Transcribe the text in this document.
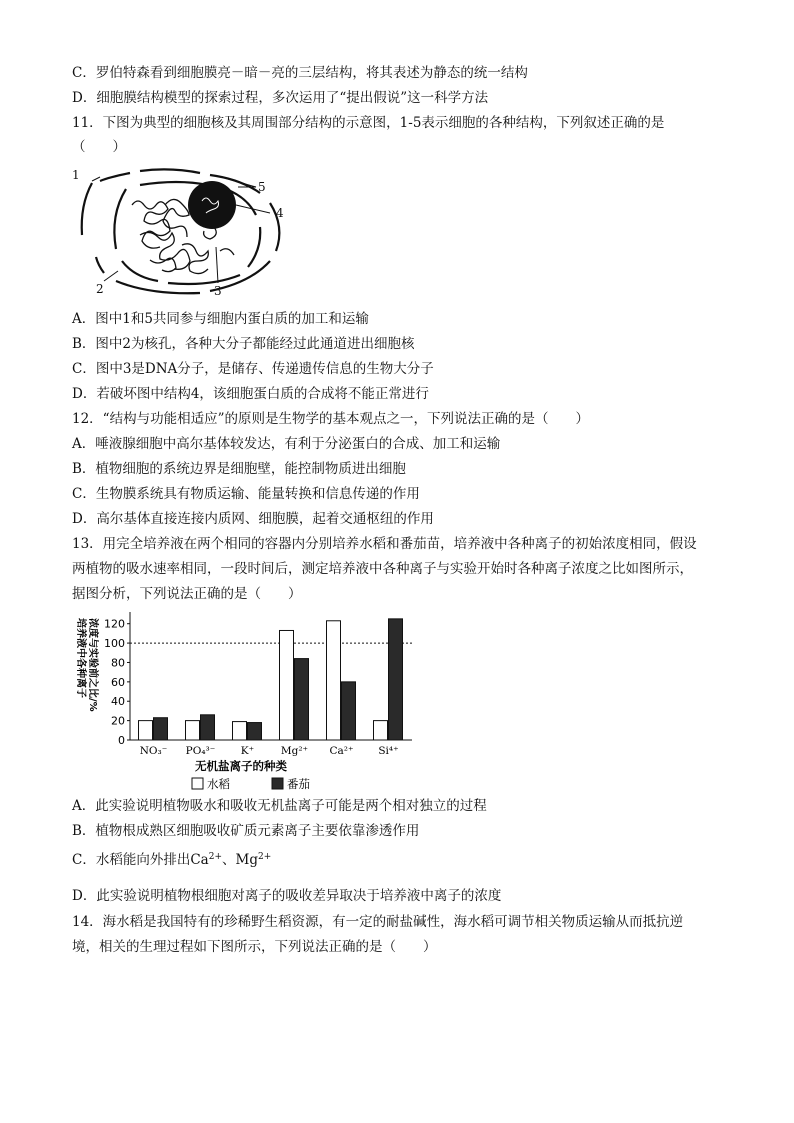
C．罗伯特森看到细胞膜亮－暗－亮的三层结构，将其表述为静态的统一结构
D．细胞膜结构模型的探索过程，多次运用了“提出假说”这一科学方法
11．下图为典型的细胞核及其周围部分结构的示意图，1-5表示细胞的各种结构，下列叙述正确的是
（　　）
1
2	3
4
5
A．图中1和5共同参与细胞内蛋白质的加工和运输
B．图中2为核孔，各种大分子都能经过此通道进出细胞核
C．图中3是DNA分子，是储存、传递遗传信息的生物大分子
D．若破坏图中结构4，该细胞蛋白质的合成将不能正常进行
12．“结构与功能相适应”的原则是生物学的基本观点之一，下列说法正确的是（　　）
A．唾液腺细胞中高尔基体较发达，有利于分泌蛋白的合成、加工和运输
B．植物细胞的系统边界是细胞壁，能控制物质进出细胞
C．生物膜系统具有物质运输、能量转换和信息传递的作用
D．高尔基体直接连接内质网、细胞膜，起着交通枢纽的作用
13．用完全培养液在两个相同的容器内分别培养水稻和番茄苗，培养液中各种离子的初始浓度相同，假设
两植物的吸水速率相同，一段时间后，测定培养液中各种离子与实验开始时各种离子浓度之比如图所示，
据图分析，下列说法正确的是（　　）
培养液中各种离子 浓度与实验前之比/%
0
20
40
60
80
100
120
NO₃⁻ PO₄³⁻ K⁺	Mg²⁺ Ca²⁺ Si⁴⁺
无机盐离子的种类
水稻	番茄
A．此实验说明植物吸水和吸收无机盐离子可能是两个相对独立的过程
B．植物根成熟区细胞吸收矿质元素离子主要依靠渗透作用
C．水稻能向外排出$Ca^{2+}$、$Mg^{2+}$
D．此实验说明植物根细胞对离子的吸收差异取决于培养液中离子的浓度
14．海水稻是我国特有的珍稀野生稻资源，有一定的耐盐碱性，海水稻可调节相关物质运输从而抵抗逆
境，相关的生理过程如下图所示，下列说法正确的是（　　）
